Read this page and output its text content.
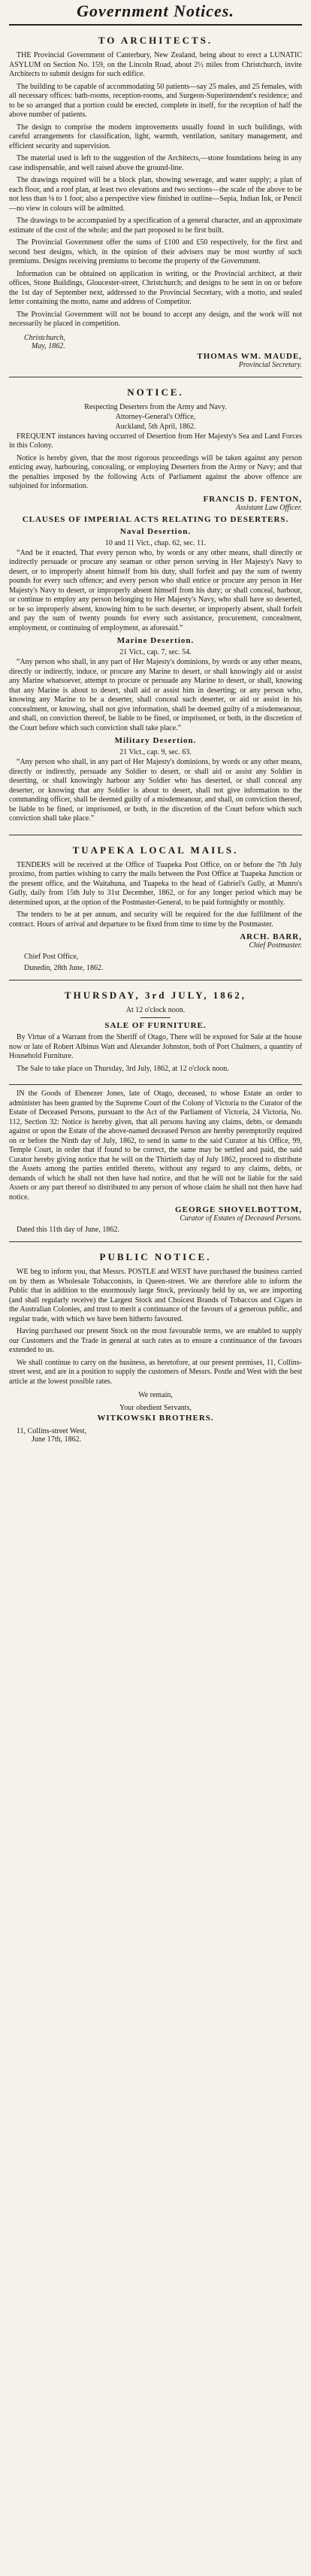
Government Notices.
TO ARCHITECTS.

THE Provincial Government of Canterbury, New Zealand, being about to erect a LUNATIC ASYLUM on Section No. 159, on the Lincoln Road, about 2½ miles from Christchurch, invite Architects to submit designs for such edifice.

The building to be capable of accommodating 50 patients—say 25 males, and 25 females, with all necessary offices: bath-rooms, reception-rooms, and Surgeon-Superintendent's residence; and to be so arranged that a portion could be erected, complete in itself, for the reception of half the above number of patients.

The design to comprise the modern improvements usually found in such buildings, with careful arrangements for classification, light, warmth, ventilation, sanitary management, and efficient security and supervision.

The material used is left to the suggestion of the Architects,—stone foundations being in any case indispensable, and well raised above the ground-line.

The drawings required will be a block plan, showing sewerage, and water supply; a plan of each floor, and a roof plan, at least two elevations and two sections—the scale of the above to be not less than ⅛ to 1 foot; also a perspective view finished in outline—Sepia, Indian Ink, or Pencil—no view in colours will be admitted.

The drawings to be accompanied by a specification of a general character, and an approximate estimate of the cost of the whole; and the part proposed to be first built.

The Provincial Government offer the sums of £100 and £50 respectively, for the first and second best designs, which, in the opinion of their advisers may be most worthy of such premiums. Designs receiving premiums to become the property of the Government.

Information can be obtained on application in writing, or the Provincial architect, at their offices, Stone Buildings, Gloucester-street, Christchurch; and designs to be sent in on or before the 1st day of September next, addressed to the Provincial Secretary, with a motto, and sealed letter containing the motto, name and address of Competitor.

The Provincial Government will not be bound to accept any design, and the work will not necessarily be placed in competition.

Christchurch,
May, 1862.
THOMAS WM. MAUDE,
Provincial Secretary.
NOTICE.
Respecting Deserters from the Army and Navy.
Attorney-General's Office,
Auckland, 5th April, 1862.

FREQUENT instances having occurred of Desertion from Her Majesty's Sea and Land Forces in this Colony.

Notice is hereby given, that the most rigorous proceedings will be taken against any person enticing away, harbouring, concealing, or employing Deserters from the Army or Navy; and that the penalties imposed by the following Acts of Parliament against the above offence are subjoined for information.

FRANCIS D. FENTON,
Assistant Law Officer.
CLAUSES OF IMPERIAL ACTS RELATING TO DESERTERS.
Naval Desertion.
10 and 11 Vict., chap. 62, sec. 11.

“And be it enacted, That every person who, by words or any other means, shall directly or indirectly persuade or procure any seaman or other person serving in Her Majesty's Navy to desert, or to improperly absent himself from his duty, shall forfeit and pay the sum of twenty pounds for every such offence; and every person who shall entice or procure any person in Her Majesty's Navy to desert, or improperly absent himself from his duty; or shall conceal, harbour, or continue to employ any person belonging to Her Majesty's Navy, who shall have so deserted, or be so improperly absent, knowing him to be such deserter, or improperly absent, shall forfeit and pay the sum of twenty pounds for every such assistance, procurement, concealment, employment, or continuing of employment, as aforesaid.”

Marine Desertion.
21 Vict., cap. 7, sec. 54.

“Any person who shall, in any part of Her Majesty's dominions, by words or any other means, directly or indirectly, induce, or procure any Marine to desert, or shall knowingly aid or assist any Marine whatsoever, attempt to procure or persuade any Marine to desert, or shall, knowing that any Marine is about to desert, shall aid or assist him in deserting; or any person who, knowing any Marine to be a deserter, shall conceal such deserter, or aid or assist in his concealment, or knowing, shall not give information, shall be deemed guilty of a misdemeanour, and shall, on conviction thereof, be liable to be fined, or imprisoned, or both, in the discretion of the Court before which such conviction shall take place.”

Military Desertion.
21 Vict., cap. 9, sec. 63.

“Any person who shall, in any part of Her Majesty's dominions, by words or any other means, directly or indirectly, persuade any Soldier to desert, or shall aid or assist any Soldier in deserting, or shall knowingly harbour any Soldier who has deserted, or shall conceal any deserter, or knowing that any Soldier is about to desert, shall not give information to the commanding officer, shall be deemed guilty of a misdemeanour, and shall, on conviction thereof, be liable to be fined, or imprisoned, or both, in the discretion of the Court before which such conviction shall take place.”

TUAPEKA LOCAL MAILS.

TENDERS will be received at the Office of Tuapeka Post Office, on or before the 7th July proximo, from parties wishing to carry the mails between the Post Office at Tuapeka Junction or the present office, and the Waitahuna, and Tuapeka to the head of Gabriel's Gully, at Munro's Gully, daily from 15th July to 31st December, 1862, or for any longer period which may be determined upon, at the option of the Postmaster-General, to be paid fortnightly or monthly.

The tenders to be at per annum, and security will be required for the due fulfilment of the contract. Hours of arrival and departure to be fixed from time to time by the Postmaster.

ARCH. BARR,
Chief Postmaster.
Chief Post Office,
Dunedin, 28th June, 1862.
THURSDAY, 3rd JULY, 1862,
At 12 o'clock noon.
SALE OF FURNITURE.

By Virtue of a Warrant from the Sheriff of Otago, There will be exposed for Sale at the house now or late of Robert Albinus Watt and Alexander Johnston, both of Port Chalmers, a quantity of Household Furniture.

The Sale to take place on Thursday, 3rd July, 1862, at 12 o'clock noon.

IN the Goods of Ebenezer Jones, late of Otago, deceased, to whose Estate an order to administer has been granted by the Supreme Court of the Colony of Victoria to the Curator of the Estate of Deceased Persons, pursuant to the Act of the Parliament of Victoria, 24 Victoria, No. 112, Section 32: Notice is hereby given, that all persons having any claims, debts, or demands against or upon the Estate of the above-named deceased Person are hereby peremptorily required on or before the Ninth day of July, 1862, to send in same to the said Curator at his Office, 99, Temple Court, in order that if found to be correct, the same may be settled and paid, the said Curator hereby giving notice that he will on the Thirtieth day of July 1862, proceed to distribute the Assets among the parties entitled thereto, without any regard to any claims, debts, or demands of which he shall not then have had notice, and that he will not be liable for the said Assets or any part thereof so distributed to any person of whose claim he shall not then have had notice.

GEORGE SHOVELBOTTOM,
Curator of Estates of Deceased Persons.
Dated this 11th day of June, 1862.
PUBLIC NOTICE.

WE beg to inform you, that Messrs. POSTLE and WEST have purchased the business carried on by them as Wholesale Tobacconists, in Queen-street. We are therefore able to inform the Public that in addition to the enormously large Stock, previously held by us, we are importing (and shall regularly receive) the Largest Stock and Choicest Brands of Tobaccos and Cigars in the Australian Colonies, and trust to merit a continuance of the favours of a generous public, and regular trade, with which we have been hitherto favoured.

Having purchased our present Stock on the most favourable terms, we are enabled to supply our Customers and the Trade in general at such rates as to ensure a continuance of the favours extended to us.

We shall continue to carry on the business, as heretofore, at our present premises, 11, Collins-street west, and are in a position to supply the customers of Messrs. Postle and West with the best article at the lowest possible rates.

We remain,
Your obedient Servants,
WITKOWSKI BROTHERS.
11, Collins-street West,
June 17th, 1862.
